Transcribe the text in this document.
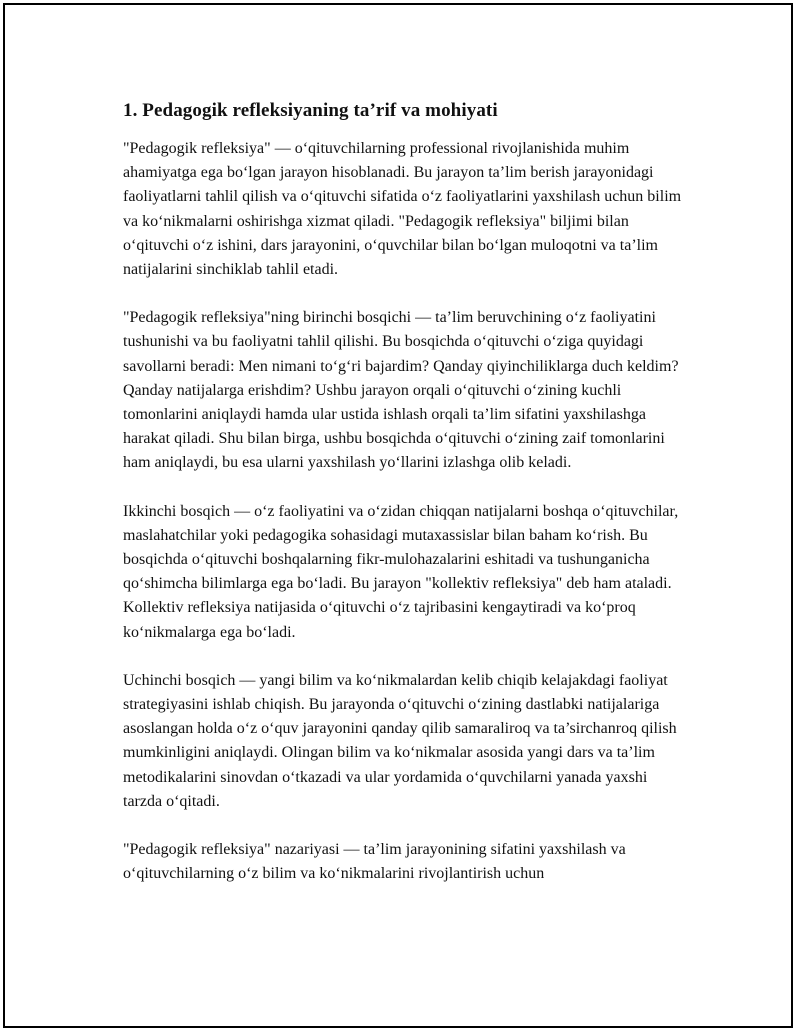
1. Pedagogik refleksiyaning ta’rif va mohiyati

"Pedagogik refleksiya" — o‘qituvchilarning professional rivojlanishida muhim ahamiyatga ega bo‘lgan jarayon hisoblanadi. Bu jarayon ta’lim berish jarayonidagi faoliyatlarni tahlil qilish va o‘qituvchi sifatida o‘z faoliyatlarini yaxshilash uchun bilim va ko‘nikmalarni oshirishga xizmat qiladi. "Pedagogik refleksiya" biljimi bilan o‘qituvchi o‘z ishini, dars jarayonini, o‘quvchilar bilan bo‘lgan muloqotni va ta’lim natijalarini sinchiklab tahlil etadi.

"Pedagogik refleksiya"ning birinchi bosqichi — ta’lim beruvchining o‘z faoliyatini tushunishi va bu faoliyatni tahlil qilishi. Bu bosqichda o‘qituvchi o‘ziga quyidagi savollarni beradi: Men nimani to‘g‘ri bajardim? Qanday qiyinchiliklarga duch keldim? Qanday natijalarga erishdim? Ushbu jarayon orqali o‘qituvchi o‘zining kuchli tomonlarini aniqlaydi hamda ular ustida ishlash orqali ta’lim sifatini yaxshilashga harakat qiladi. Shu bilan birga, ushbu bosqichda o‘qituvchi o‘zining zaif tomonlarini ham aniqlaydi, bu esa ularni yaxshilash yo‘llarini izlashga olib keladi.

Ikkinchi bosqich — o‘z faoliyatini va o‘zidan chiqqan natijalarni boshqa o‘qituvchilar, maslahatchilar yoki pedagogika sohasidagi mutaxassislar bilan baham ko‘rish. Bu bosqichda o‘qituvchi boshqalarning fikr-mulohazalarini eshitadi va tushunganicha qo‘shimcha bilimlarga ega bo‘ladi. Bu jarayon "kollektiv refleksiya" deb ham ataladi. Kollektiv refleksiya natijasida o‘qituvchi o‘z tajribasini kengaytiradi va ko‘proq ko‘nikmalarga ega bo‘ladi.

Uchinchi bosqich — yangi bilim va ko‘nikmalardan kelib chiqib kelajakdagi faoliyat strategiyasini ishlab chiqish. Bu jarayonda o‘qituvchi o‘zining dastlabki natijalariga asoslangan holda o‘z o‘quv jarayonini qanday qilib samaraliroq va ta’sirchanroq qilish mumkinligini aniqlaydi. Olingan bilim va ko‘nikmalar asosida yangi dars va ta’lim metodikalarini sinovdan o‘tkazadi va ular yordamida o‘quvchilarni yanada yaxshi tarzda o‘qitadi.

"Pedagogik refleksiya" nazariyasi — ta’lim jarayonining sifatini yaxshilash va o‘qituvchilarning o‘z bilim va ko‘nikmalarini rivojlantirish uchun
